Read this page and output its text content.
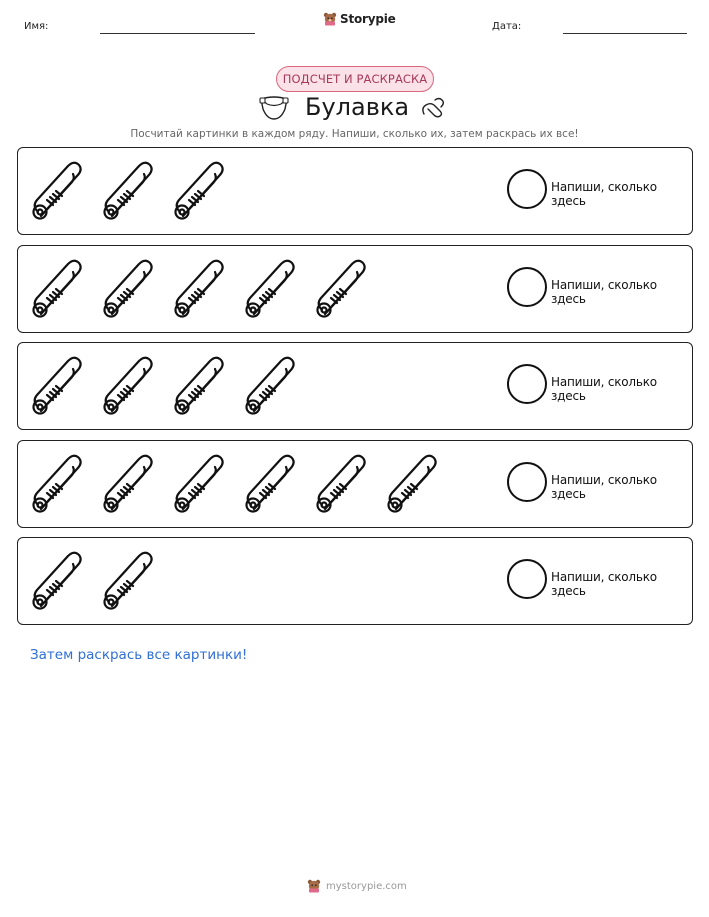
Имя:
Storypie
Дата:
ПОДСЧЕТ И РАСКРАСКА
Булавка
Посчитай картинки в каждом ряду. Напиши, сколько их, затем раскрась их все!
Напиши, сколько здесь
Напиши, сколько здесь
Напиши, сколько здесь
Напиши, сколько здесь
Напиши, сколько здесь
Затем раскрась все картинки!
mystorypie.com
